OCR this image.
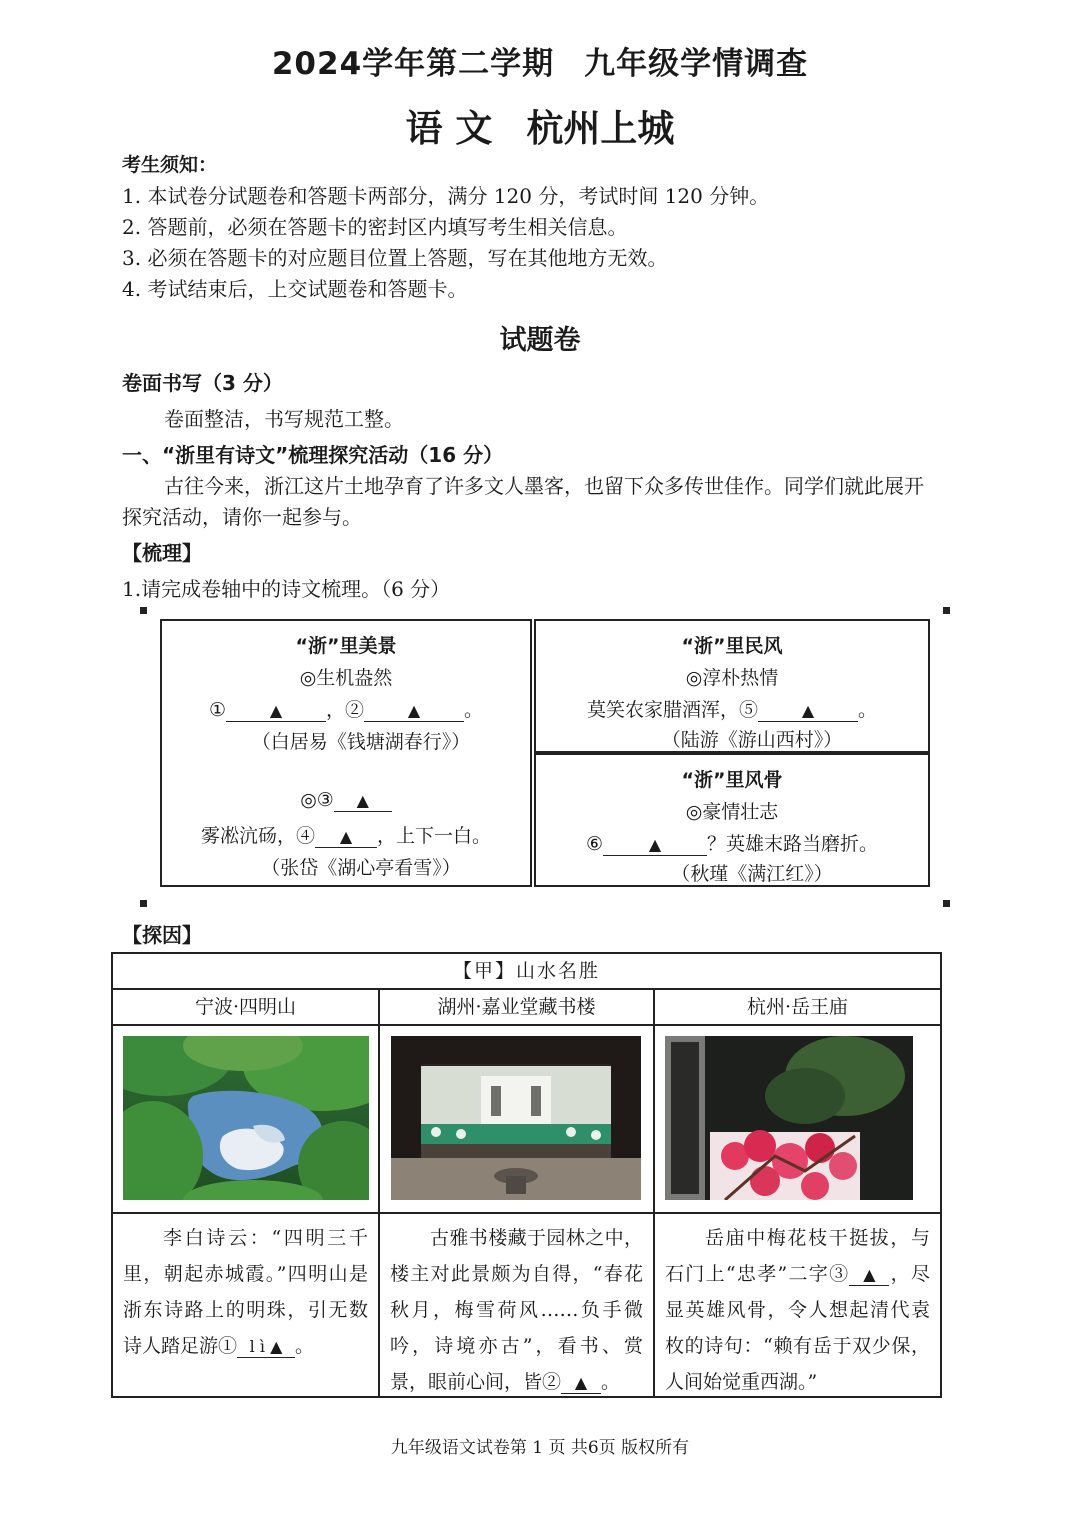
2024学年第二学期 九年级学情调查
语 文 杭州上城
考生须知：
1. 本试卷分试题卷和答题卡两部分，满分 120 分，考试时间 120 分钟。
2. 答题前，必须在答题卡的密封区内填写考生相关信息。
3. 必须在答题卡的对应题目位置上答题，写在其他地方无效。
4. 考试结束后，上交试题卷和答题卡。
试题卷
卷面书写（3 分）
卷面整洁，书写规范工整。
一、“浙里有诗文”梳理探究活动（16 分）
古往今来，浙江这片土地孕育了许多文人墨客，也留下众多传世佳作。同学们就此展开
探究活动，请你一起参与。
【梳理】
1.请完成卷轴中的诗文梳理。（6 分）
“浙”里美景
◎生机盎然
①	▲ ，②	▲ 。
（白居易《钱塘湖春行》）
◎③ ▲
雾凇沆砀，④ ▲ ，上下一白。
（张岱《湖心亭看雪》）
“浙”里民风
◎淳朴热情
莫笑农家腊酒浑，⑤	▲ 。
（陆游《游山西村》）
“浙”里风骨
◎豪情壮志
⑥	▲ ？英雄末路当磨折。
（秋瑾《满江红》）
【探因】
【甲】山水名胜		
宁波·四明山	湖州·嘉业堂藏书楼	杭州·岳王庙

李白诗云：“四明三千里，朝起赤城霞。”四明山是浙东诗路上的明珠，引无数诗人踏足游① l ì ▲ 。	古雅书楼藏于园林之中，楼主对此景颇为自得，“春花秋月，梅雪荷风……负手微吟，诗境亦古”，看书、赏景，眼前心间，皆② ▲ 。	岳庙中梅花枝干挺拔，与石门上“忠孝”二字③ ▲ ，尽显英雄风骨，令人想起清代袁枚的诗句：“赖有岳于双少保，人间始觉重西湖。”
九年级语文试卷第 1 页 共6页 版权所有
